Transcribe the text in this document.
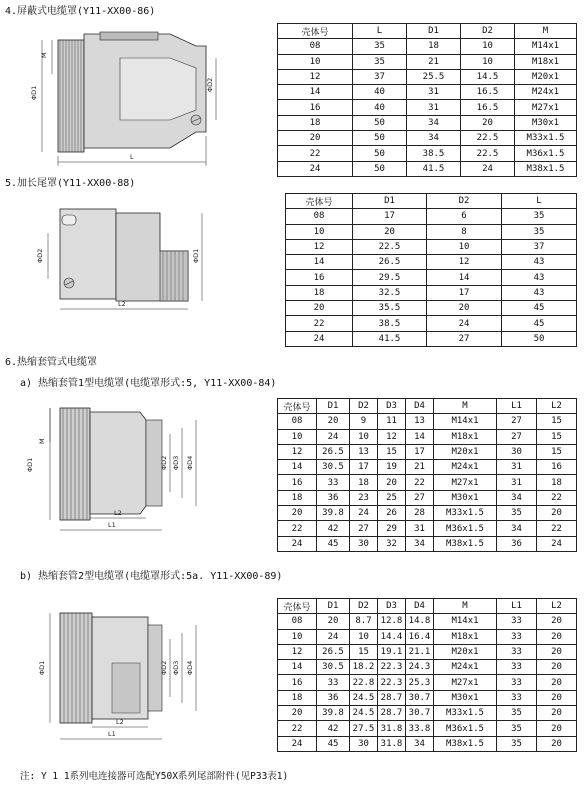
4.屏蔽式电缆罩(Y11-XX00-86)
M
ΦD1
ΦD2
L
壳体号	L	D1	D2	M
08	35	18	10	M14x1
10	35	21	10	M18x1
12	37	25.5	14.5	M20x1
14	40	31	16.5	M24x1
16	40	31	16.5	M27x1
18	50	34	20	M30x1
20	50	34	22.5	M33x1.5
22	50	38.5	22.5	M36x1.5
24	50	41.5	24	M38x1.5
5.加长尾罩(Y11-XX00-88)
ΦD2	ΦD1
L2
壳体号	D1	D2	L
08	17	6	35
10	20	8	35
12	22.5	10	37
14	26.5	12	43
16	29.5	14	43
18	32.5	17	43
20	35.5	20	45
22	38.5	24	45
24	41.5	27	50
6.热缩套管式电缆罩
a) 热缩套管1型电缆罩(电缆罩形式:5, Y11-XX00-84)
M
ΦD1	ΦD2 ΦD3 ΦD4
L2
L1
壳体号	D1	D2	D3	D4	M	L1	L2
08	20	9	11	13	M14x1	27	15
10	24	10	12	14	M18x1	27	15
12	26.5	13	15	17	M20x1	30	15
14	30.5	17	19	21	M24x1	31	16
16	33	18	20	22	M27x1	31	18
18	36	23	25	27	M30x1	34	22
20	39.8	24	26	28	M33x1.5	35	20
22	42	27	29	31	M36x1.5	34	22
24	45	30	32	34	M38x1.5	36	24
b) 热缩套管2型电缆罩(电缆罩形式:5a. Y11-XX00-89)
ΦD1	ΦD2 ΦD3 ΦD4
L2
L1
壳体号	D1	D2	D3	D4	M	L1	L2
08	20	8.7	12.8	14.8	M14x1	33	20
10	24	10	14.4	16.4	M18x1	33	20
12	26.5	15	19.1	21.1	M20x1	33	20
14	30.5	18.2	22.3	24.3	M24x1	33	20
16	33	22.8	22.3	25.3	M27x1	33	20
18	36	24.5	28.7	30.7	M30x1	33	20
20	39.8	24.5	28.7	30.7	M33x1.5	35	20
22	42	27.5	31.8	33.8	M36x1.5	35	20
24	45	30	31.8	34	M38x1.5	35	20
注: Y 1 1系列电连接器可选配Y50X系列尾部附件(见P33表1)
